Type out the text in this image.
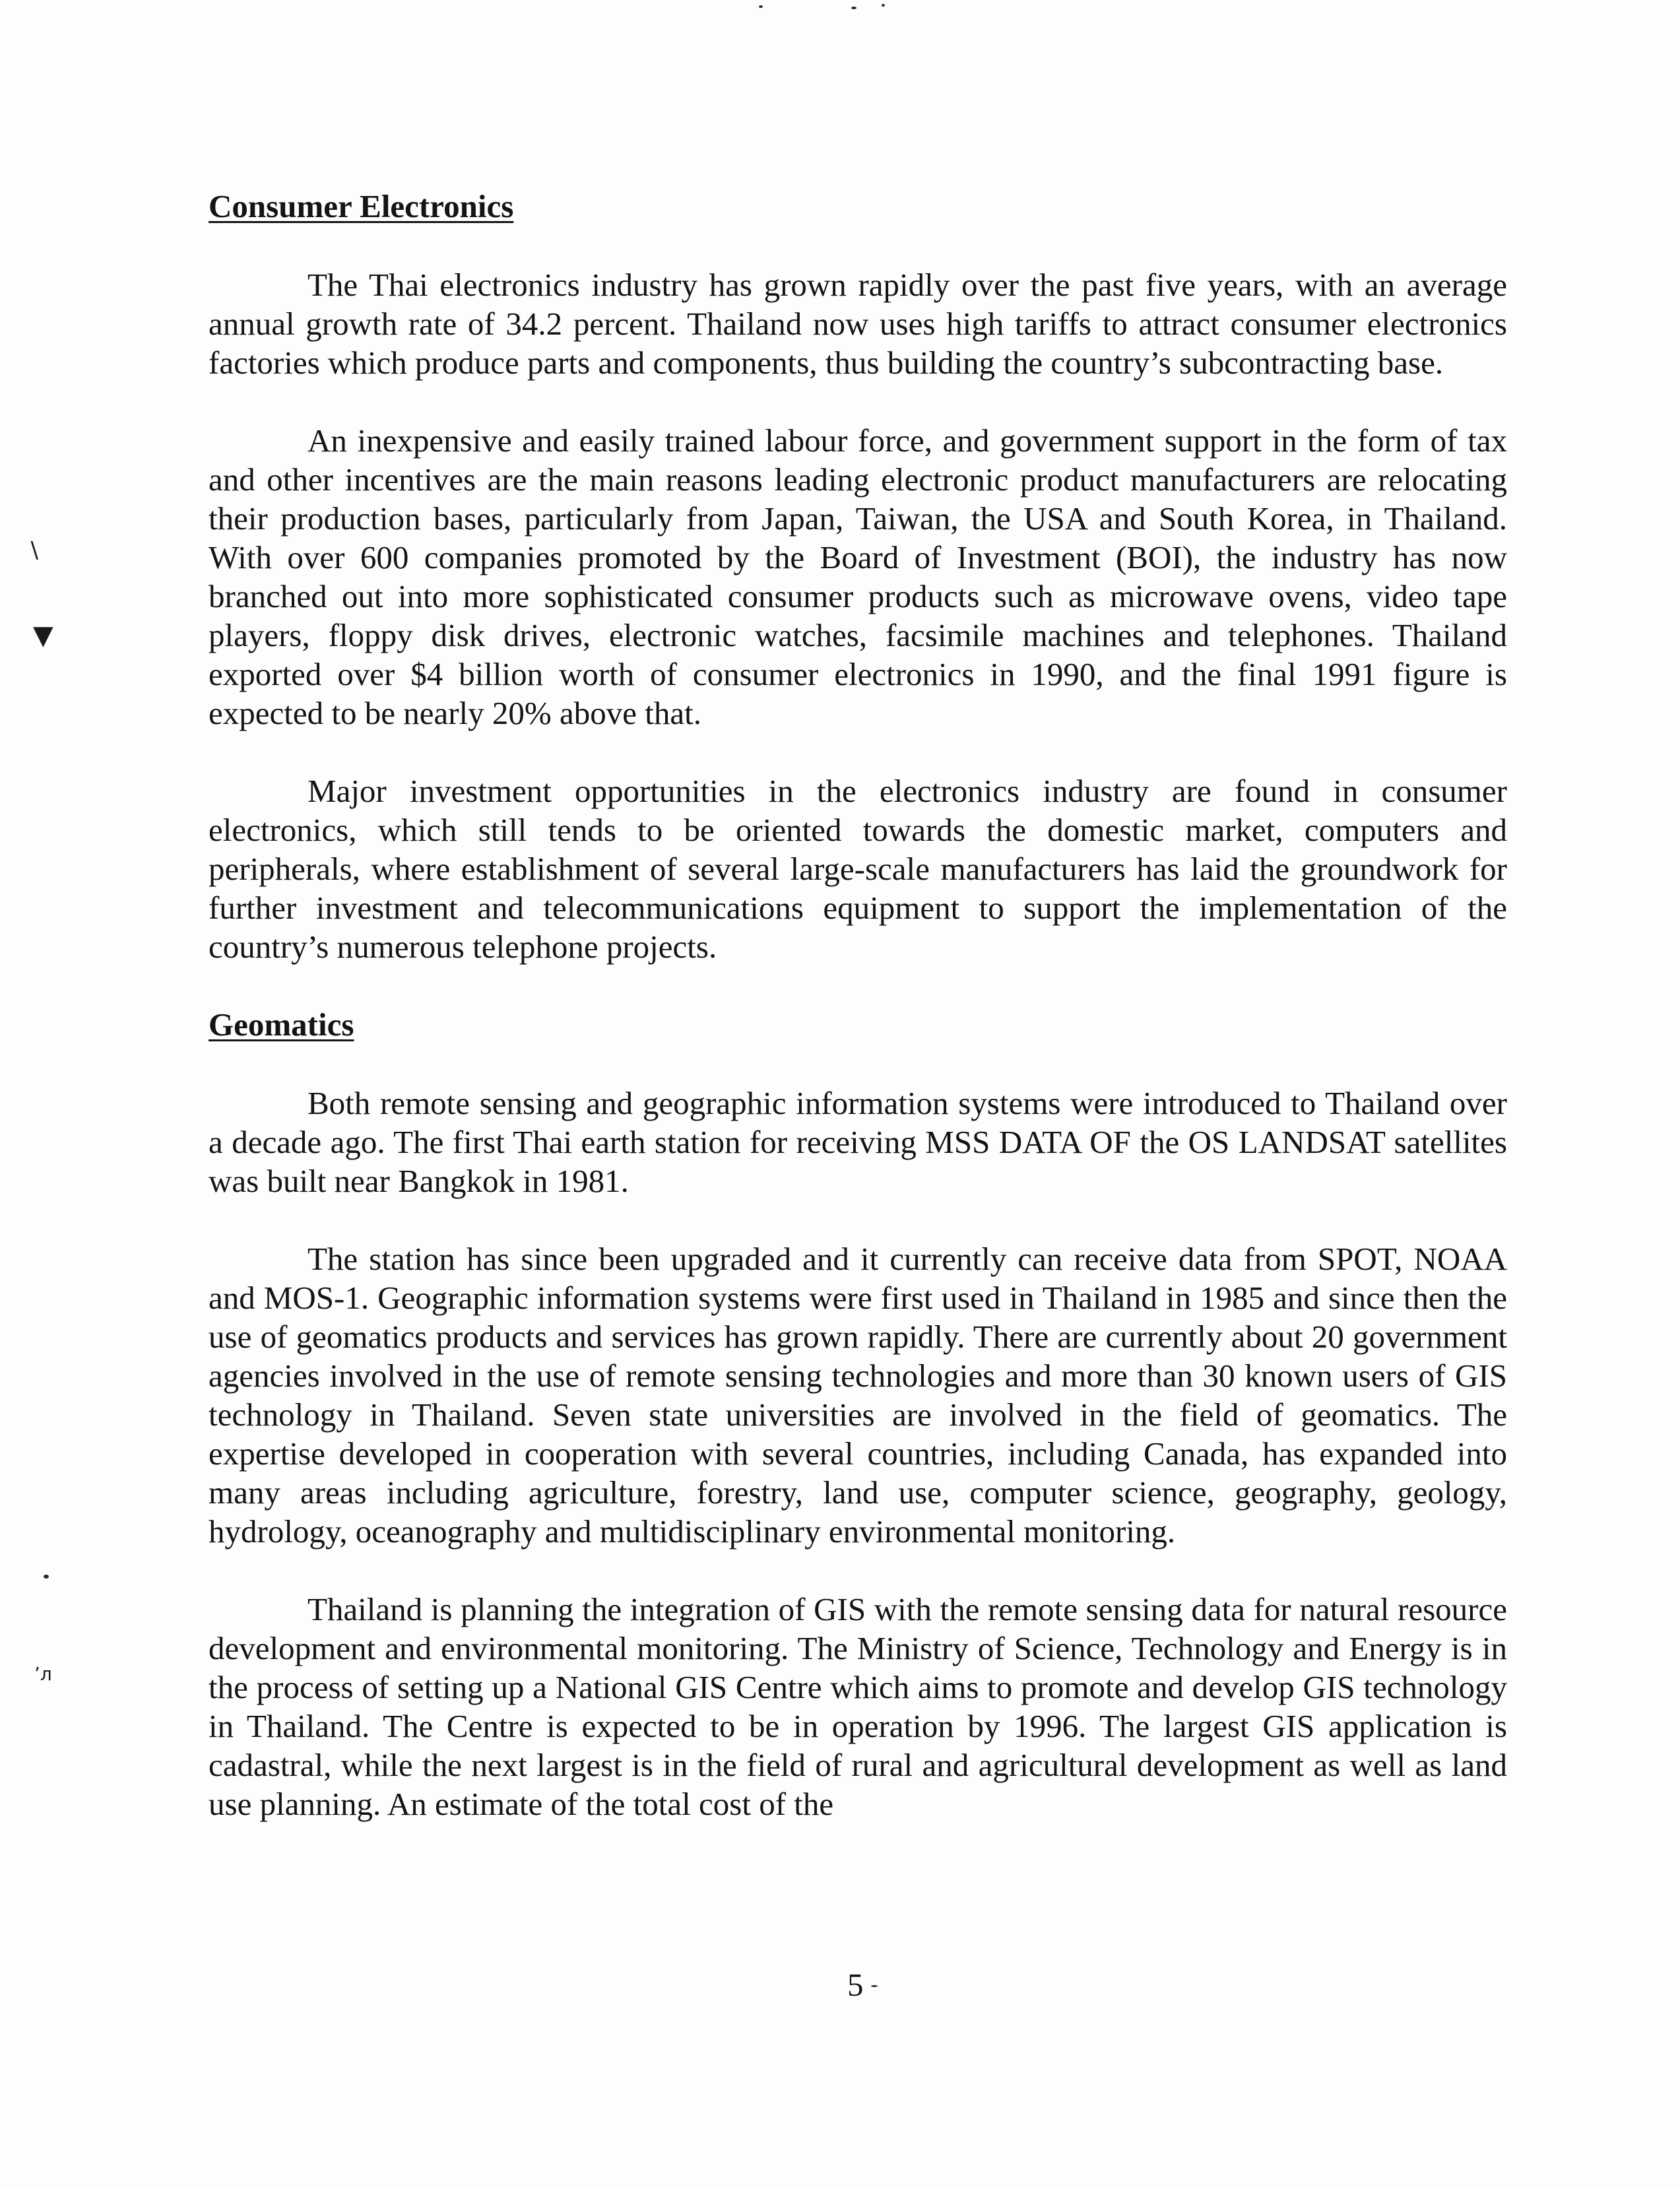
∖
▼
’л

Consumer Electronics

The Thai electronics industry has grown rapidly over the past five years, with an average annual growth rate of 34.2 percent. Thailand now uses high tariffs to attract consumer electronics factories which produce parts and components, thus building the country’s subcontracting base.

An inexpensive and easily trained labour force, and government support in the form of tax and other incentives are the main reasons leading electronic product manufacturers are relocating their production bases, particularly from Japan, Taiwan, the USA and South Korea, in Thailand. With over 600 companies promoted by the Board of Investment (BOI), the industry has now branched out into more sophisticated consumer products such as microwave ovens, video tape players, floppy disk drives, electronic watches, facsimile machines and telephones. Thailand exported over $4 billion worth of consumer electronics in 1990, and the final 1991 figure is expected to be nearly 20% above that.

Major investment opportunities in the electronics industry are found in consumer electronics, which still tends to be oriented towards the domestic market, computers and peripherals, where establishment of several large-scale manufacturers has laid the groundwork for further investment and telecommunications equipment to support the implementation of the country’s numerous telephone projects.

Geomatics

Both remote sensing and geographic information systems were introduced to Thailand over a decade ago. The first Thai earth station for receiving MSS DATA OF the OS LANDSAT satellites was built near Bangkok in 1981.

The station has since been upgraded and it currently can receive data from SPOT, NOAA and MOS-1. Geographic information systems were first used in Thailand in 1985 and since then the use of geomatics products and services has grown rapidly. There are currently about 20 government agencies involved in the use of remote sensing technologies and more than 30 known users of GIS technology in Thailand. Seven state universities are involved in the field of geomatics. The expertise developed in cooperation with several countries, including Canada, has expanded into many areas including agriculture, forestry, land use, computer science, geography, geology, hydrology, oceanography and multidisciplinary environmental monitoring.

Thailand is planning the integration of GIS with the remote sensing data for natural resource development and environmental monitoring. The Ministry of Science, Technology and Energy is in the process of setting up a National GIS Centre which aims to promote and develop GIS technology in Thailand. The Centre is expected to be in operation by 1996. The largest GIS application is cadastral, while the next largest is in the field of rural and agricultural development as well as land use planning. An estimate of the total cost of the

5
